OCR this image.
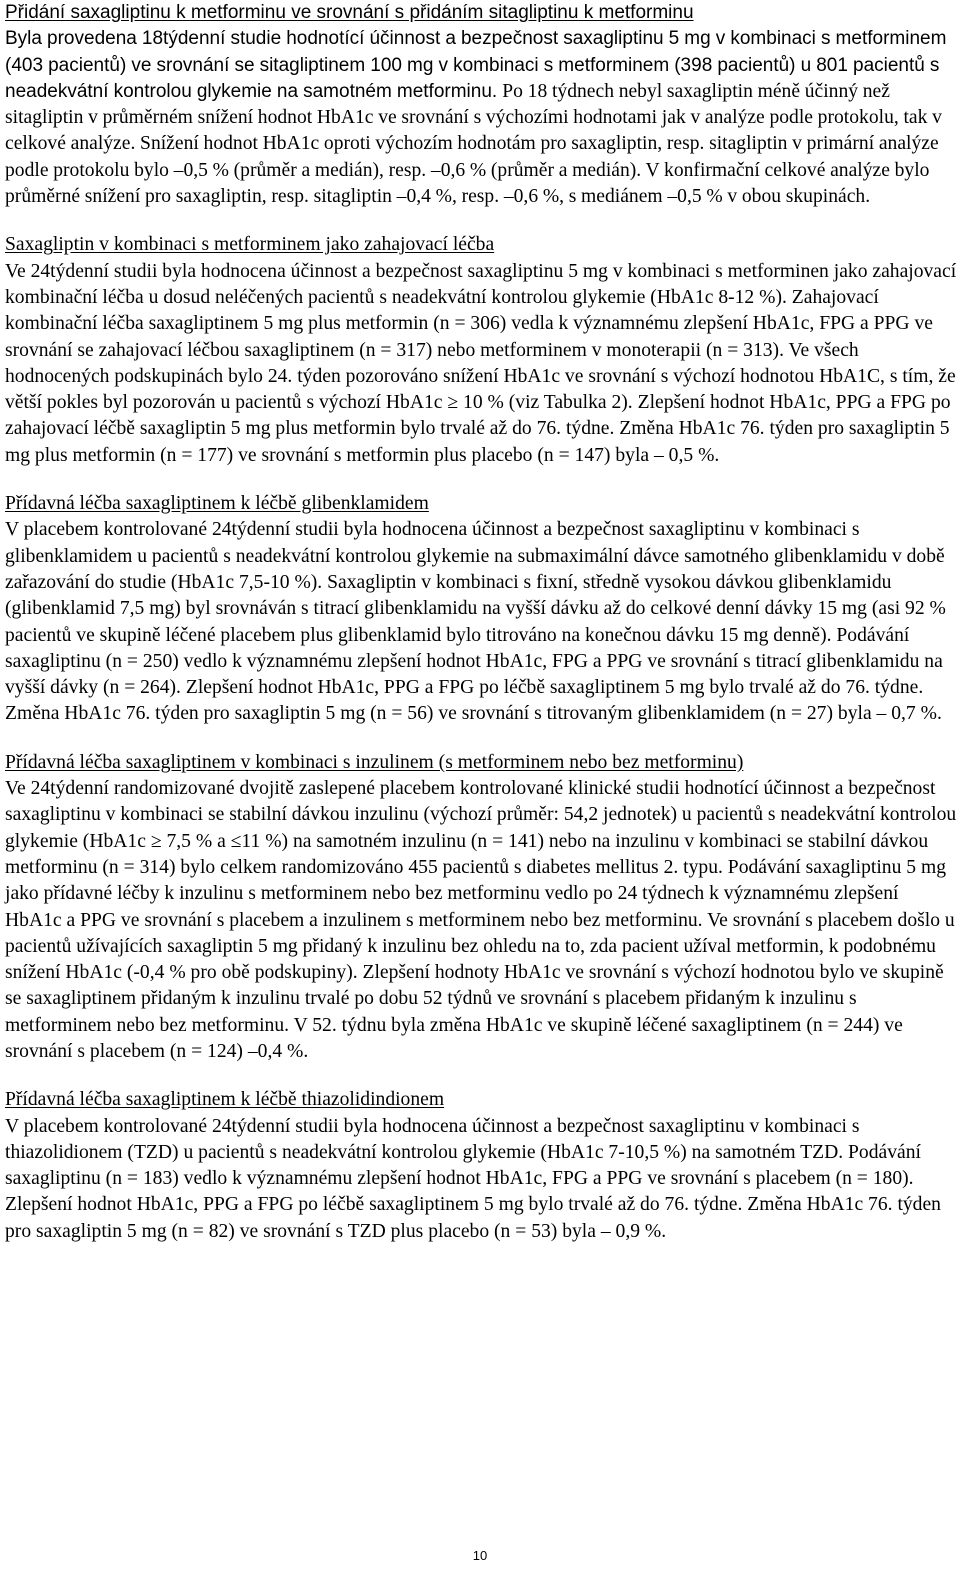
Přidání saxagliptinu k metforminu ve srovnání s přidáním sitagliptinu k metforminu

Byla provedena 18týdenní studie hodnotící účinnost a bezpečnost saxagliptinu 5 mg v kombinaci s metforminem (403 pacientů) ve srovnání se sitagliptinem 100 mg v kombinaci s metforminem (398 pacientů) u 801 pacientů s neadekvátní kontrolou glykemie na samotném metforminu. Po 18 týdnech nebyl saxagliptin méně účinný než sitagliptin v průměrném snížení hodnot HbA1c ve srovnání s výchozími hodnotami jak v analýze podle protokolu, tak v celkové analýze. Snížení hodnot HbA1c oproti výchozím hodnotám pro saxagliptin, resp. sitagliptin v primární analýze podle protokolu bylo –0,5 % (průměr a medián), resp. –0,6 % (průměr a medián). V konfirmační celkové analýze bylo průměrné snížení pro saxagliptin, resp. sitagliptin –0,4 %, resp. –0,6 %, s mediánem –0,5 % v obou skupinách.

Saxagliptin v kombinaci s metforminem jako zahajovací léčba

Ve 24týdenní studii byla hodnocena účinnost a bezpečnost saxagliptinu 5 mg v kombinaci s metforminen jako zahajovací kombinační léčba u dosud neléčených pacientů s neadekvátní kontrolou glykemie (HbA1c 8-12 %). Zahajovací kombinační léčba saxagliptinem 5 mg plus metformin (n = 306) vedla k významnému zlepšení HbA1c, FPG a PPG ve srovnání se zahajovací léčbou saxagliptinem (n = 317) nebo metforminem v monoterapii (n = 313). Ve všech hodnocených podskupinách bylo 24. týden pozorováno snížení HbA1c ve srovnání s výchozí hodnotou HbA1C, s tím, že větší pokles byl pozorován u pacientů s výchozí HbA1c ≥ 10 % (viz Tabulka 2). Zlepšení hodnot HbA1c, PPG a FPG po zahajovací léčbě saxagliptin 5 mg plus metformin bylo trvalé až do 76. týdne. Změna HbA1c 76. týden pro saxagliptin 5 mg plus metformin (n = 177) ve srovnání s metformin plus placebo (n = 147) byla – 0,5 %.

Přídavná léčba saxagliptinem k léčbě glibenklamidem

V placebem kontrolované 24týdenní studii byla hodnocena účinnost a bezpečnost saxagliptinu v kombinaci s glibenklamidem u pacientů s neadekvátní kontrolou glykemie na submaximální dávce samotného glibenklamidu v době zařazování do studie (HbA1c 7,5-10 %). Saxagliptin v kombinaci s fixní, středně vysokou dávkou glibenklamidu (glibenklamid 7,5 mg) byl srovnáván s titrací glibenklamidu na vyšší dávku až do celkové denní dávky 15 mg (asi 92 % pacientů ve skupině léčené placebem plus glibenklamid bylo titrováno na konečnou dávku 15 mg denně). Podávání saxagliptinu (n = 250) vedlo k významnému zlepšení hodnot HbA1c, FPG a PPG ve srovnání s titrací glibenklamidu na vyšší dávky (n = 264). Zlepšení hodnot HbA1c, PPG a FPG po léčbě saxagliptinem 5 mg bylo trvalé až do 76. týdne. Změna HbA1c 76. týden pro saxagliptin 5 mg (n = 56) ve srovnání s titrovaným glibenklamidem (n = 27) byla – 0,7 %.

Přídavná léčba saxagliptinem v kombinaci s inzulinem (s metforminem nebo bez metforminu)

Ve 24týdenní randomizované dvojitě zaslepené placebem kontrolované klinické studii hodnotící účinnost a bezpečnost saxagliptinu v kombinaci se stabilní dávkou inzulinu (výchozí průměr: 54,2 jednotek) u pacientů s neadekvátní kontrolou glykemie (HbA1c ≥ 7,5 % a ≤11 %) na samotném inzulinu (n = 141) nebo na inzulinu v kombinaci se stabilní dávkou metforminu (n = 314) bylo celkem randomizováno 455 pacientů s diabetes mellitus 2. typu. Podávání saxagliptinu 5 mg jako přídavné léčby k inzulinu s metforminem nebo bez metforminu vedlo po 24 týdnech k významnému zlepšení HbA1c a PPG ve srovnání s placebem a inzulinem s metforminem nebo bez metforminu. Ve srovnání s placebem došlo u pacientů užívajících saxagliptin 5 mg přidaný k inzulinu bez ohledu na to, zda pacient užíval metformin, k podobnému snížení HbA1c (-0,4 % pro obě podskupiny). Zlepšení hodnoty HbA1c ve srovnání s výchozí hodnotou bylo ve skupině se saxagliptinem přidaným k inzulinu trvalé po dobu 52 týdnů ve srovnání s placebem přidaným k inzulinu s metforminem nebo bez metforminu. V 52. týdnu byla změna HbA1c ve skupině léčené saxagliptinem (n = 244) ve srovnání s placebem (n = 124) –0,4 %.

Přídavná léčba saxagliptinem k léčbě thiazolidindionem

V placebem kontrolované 24týdenní studii byla hodnocena účinnost a bezpečnost saxagliptinu v kombinaci s thiazolidionem (TZD) u pacientů s neadekvátní kontrolou glykemie (HbA1c 7-10,5 %) na samotném TZD. Podávání saxagliptinu (n = 183) vedlo k významnému zlepšení hodnot HbA1c, FPG a PPG ve srovnání s placebem (n = 180). Zlepšení hodnot HbA1c, PPG a FPG po léčbě saxagliptinem 5 mg bylo trvalé až do 76. týdne. Změna HbA1c 76. týden pro saxagliptin 5 mg (n = 82) ve srovnání s TZD plus placebo (n = 53) byla – 0,9 %.

10
